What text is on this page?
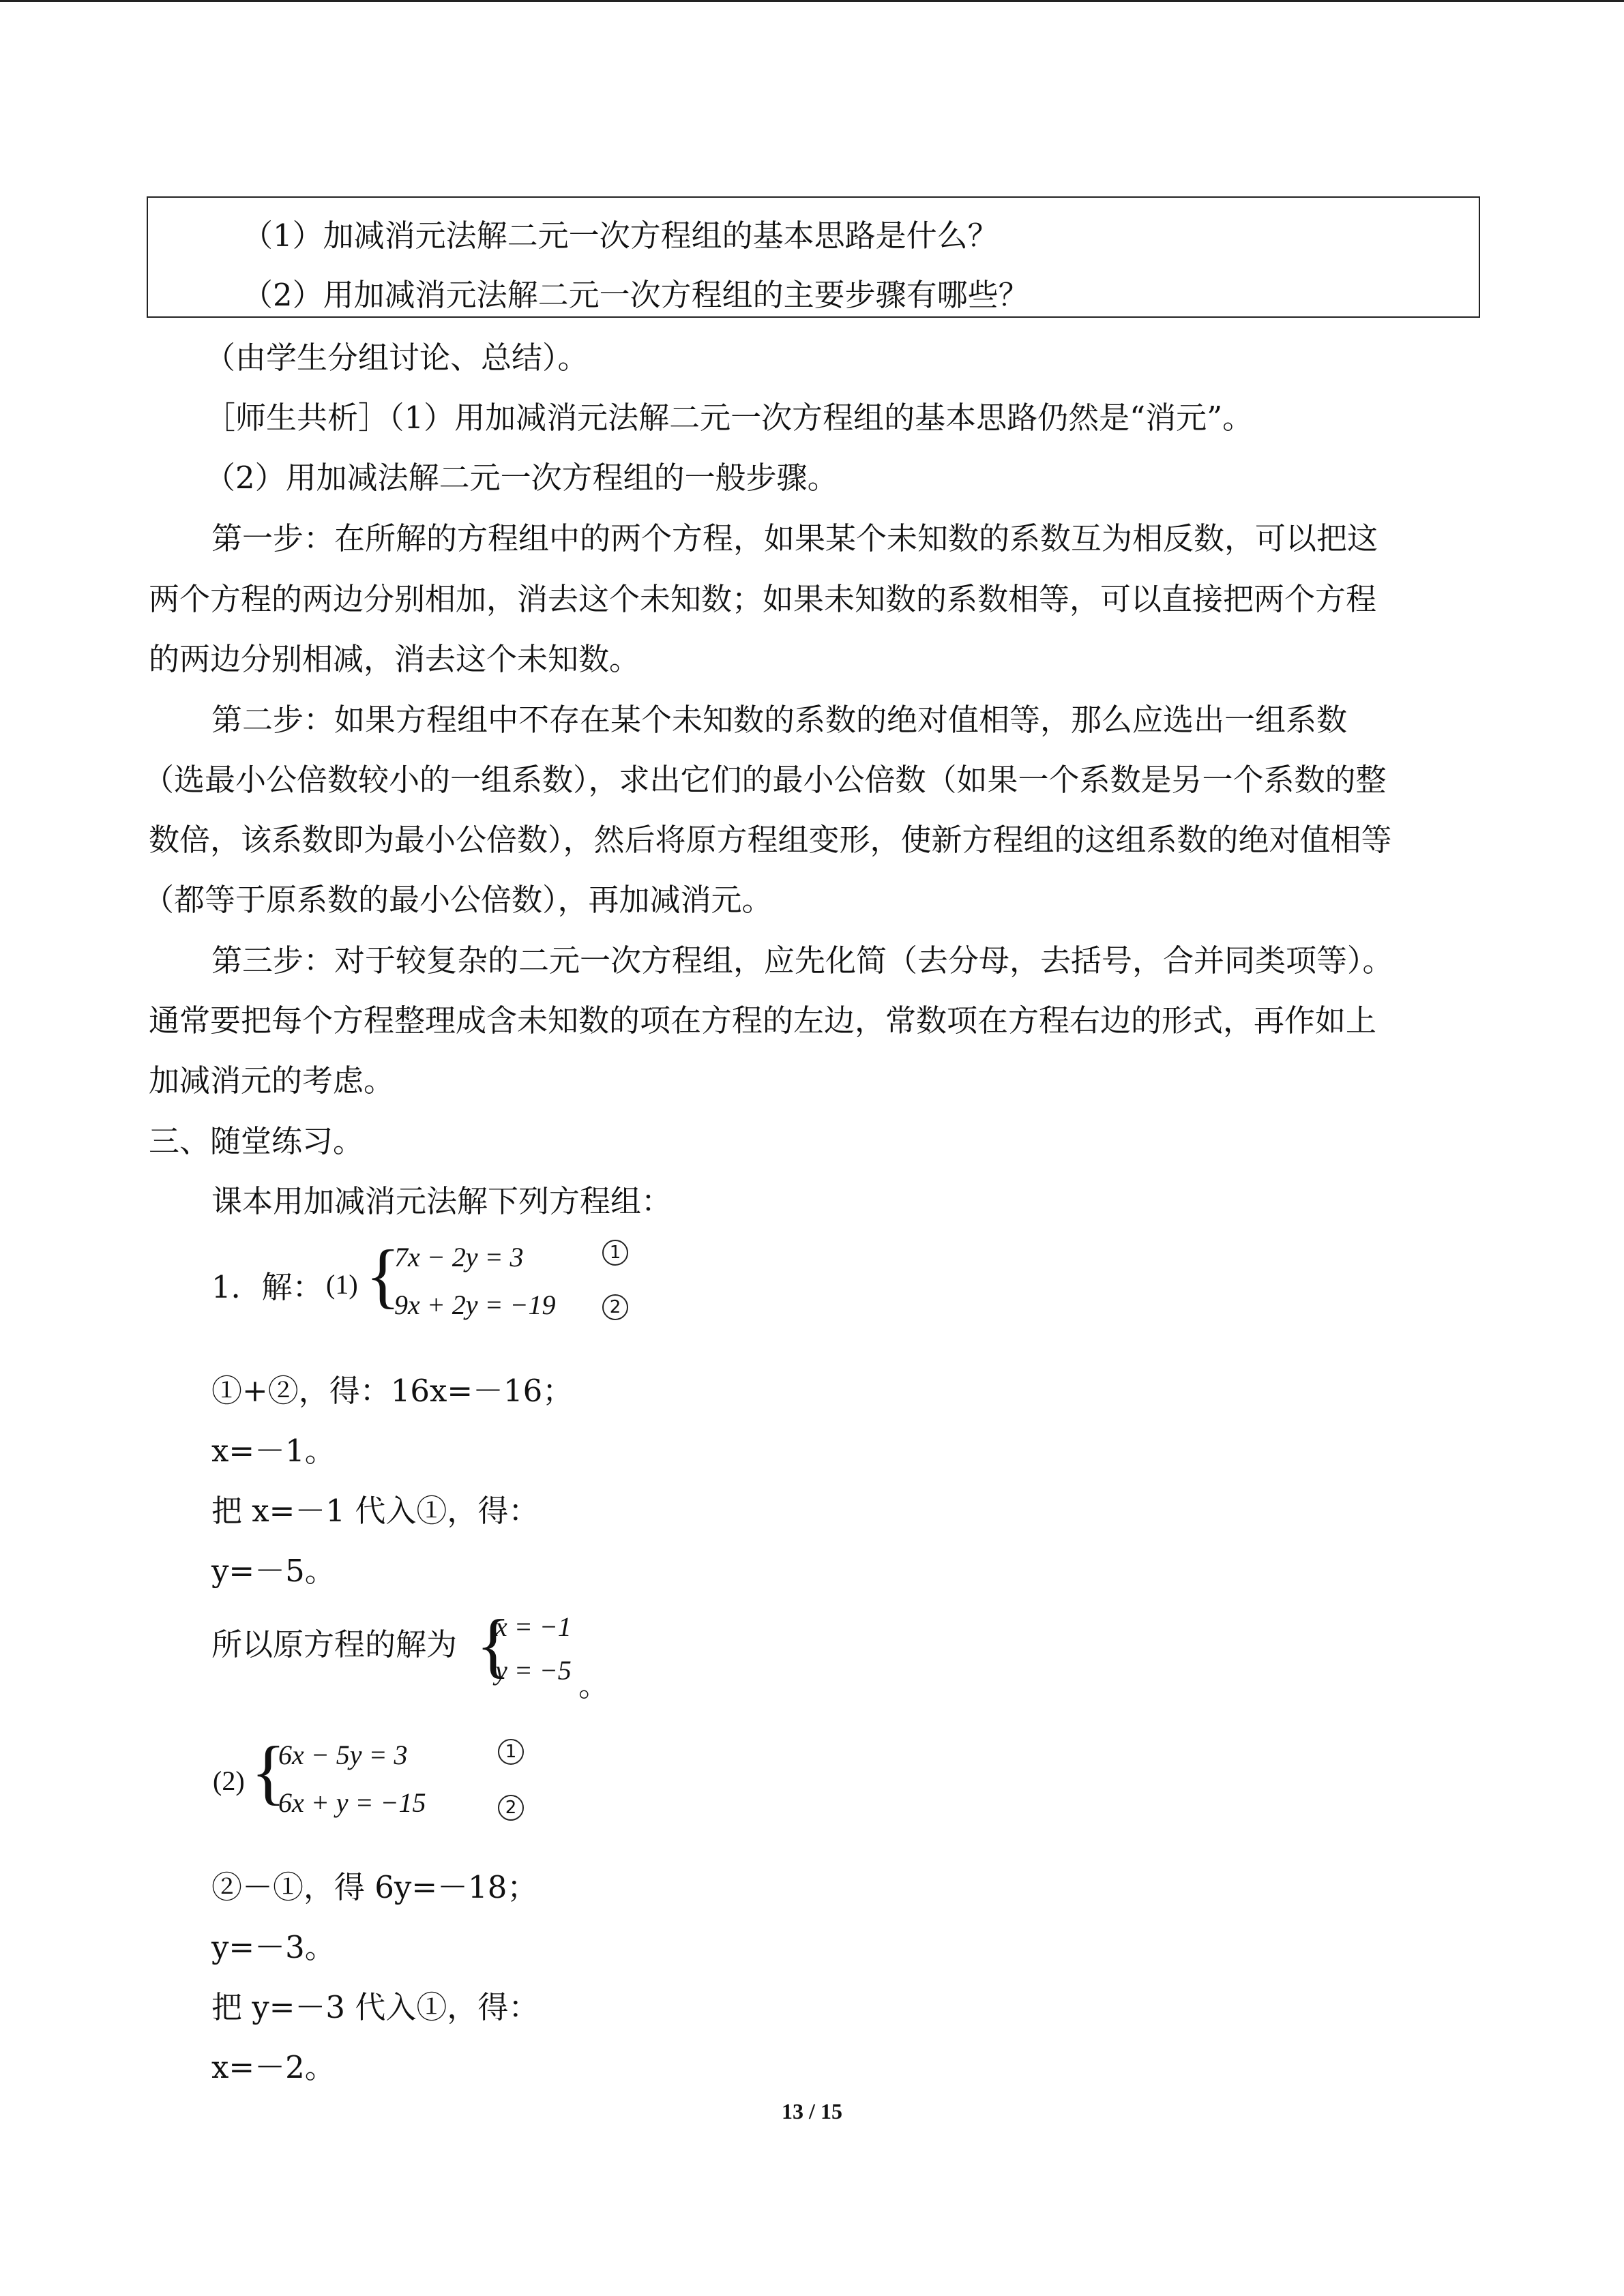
（1）加减消元法解二元一次方程组的基本思路是什么？
（2）用加减消元法解二元一次方程组的主要步骤有哪些？
（由学生分组讨论、总结）。
［师生共析］（1）用加减消元法解二元一次方程组的基本思路仍然是“消元”。
（2）用加减法解二元一次方程组的一般步骤。
第一步：在所解的方程组中的两个方程，如果某个未知数的系数互为相反数，可以把这
两个方程的两边分别相加，消去这个未知数；如果未知数的系数相等，可以直接把两个方程
的两边分别相减，消去这个未知数。
第二步：如果方程组中不存在某个未知数的系数的绝对值相等，那么应选出一组系数
（选最小公倍数较小的一组系数），求出它们的最小公倍数（如果一个系数是另一个系数的整
数倍，该系数即为最小公倍数），然后将原方程组变形，使新方程组的这组系数的绝对值相等
（都等于原系数的最小公倍数），再加减消元。
第三步：对于较复杂的二元一次方程组，应先化简（去分母，去括号，合并同类项等）。
通常要把每个方程整理成含未知数的项在方程的左边，常数项在方程右边的形式，再作如上
加减消元的考虑。
三、随堂练习。
课本用加减消元法解下列方程组：
1．解： (1) {
7x − 2y = 3
9x + 2y = −19
1
2
①+②，得：16x=－16；
x=－1。
把 x=－1 代入①，得：
y=－5。
所以原方程的解为 {
x = −1
y = −5 。
(2) {
6x − 5y = 3
6x + y = −15
1
2
②－①，得 6y=－18；
y=－3。
把 y=－3 代入①，得：
x=－2。
13 / 15
